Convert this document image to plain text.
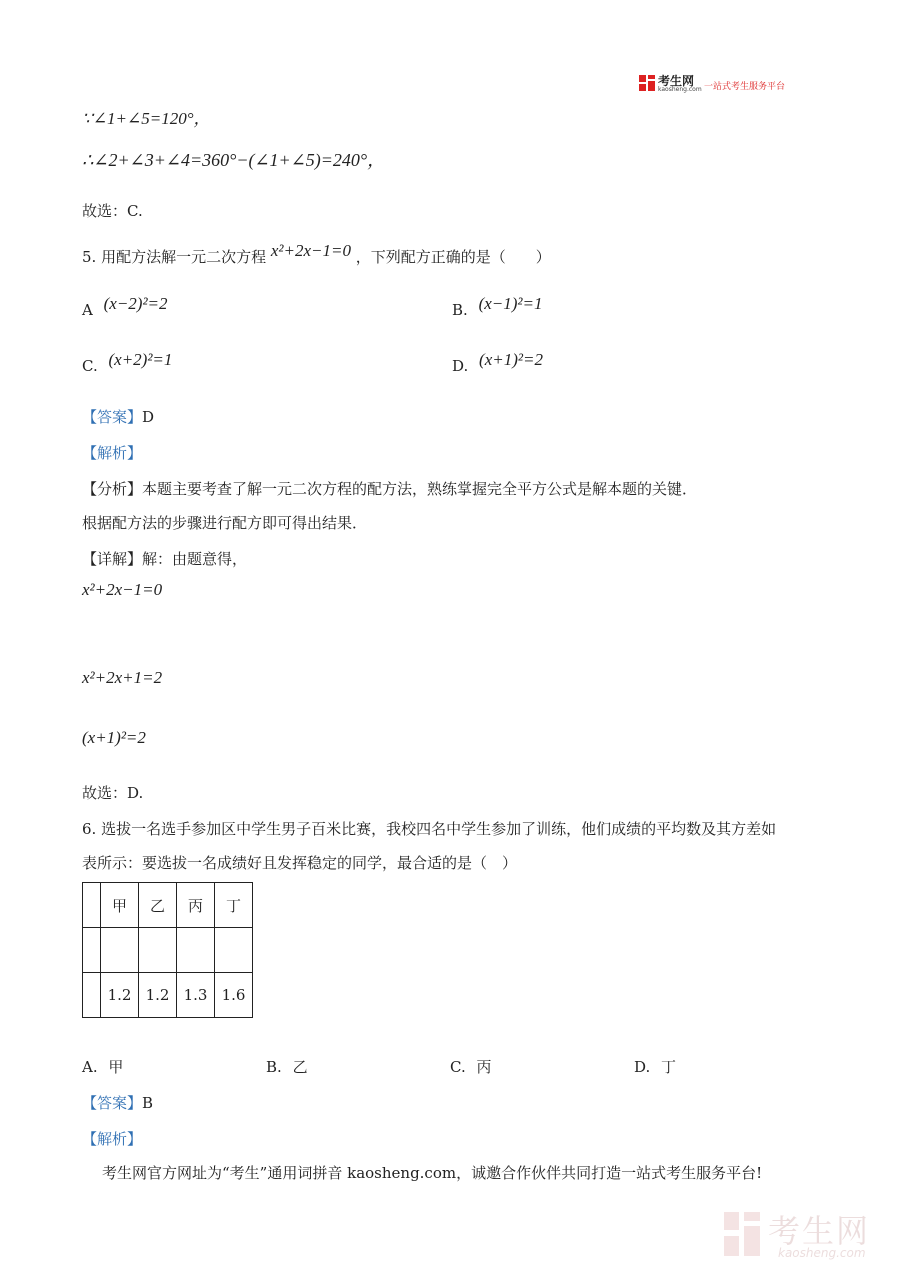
考生网
kaosheng.com 一站式考生服务平台
∵∠1+∠5=120°，
∴∠2+∠3+∠4=360°−(∠1+∠5)=240°，
故选：C.
5. 用配方法解一元二次方程 x²+2x−1=0 ，下列配方正确的是（　　）
A (x−2)²=2	B. (x−1)²=1
C. (x+2)²=1	D. (x+1)²=2
【答案】D
【解析】
【分析】本题主要考查了解一元二次方程的配方法，熟练掌握完全平方公式是解本题的关键．
根据配方法的步骤进行配方即可得出结果．
【详解】解：由题意得，
x²+2x−1=0
x²+2x+1=2
(x+1)²=2
故选：D.
6. 选拔一名选手参加区中学生男子百米比赛，我校四名中学生参加了训练，他们成绩的平均数及其方差如
表所示：要选拔一名成绩好且发挥稳定的同学，最合适的是（　）
	甲	乙	丙	丁

	1.2	1.2	1.3	1.6
A. 甲	B. 乙	C. 丙	D. 丁
【答案】B
【解析】
考生网官方网址为“考生”通用词拼音 kaosheng.com，诚邀合作伙伴共同打造一站式考生服务平台!
考生网
kaosheng.com
